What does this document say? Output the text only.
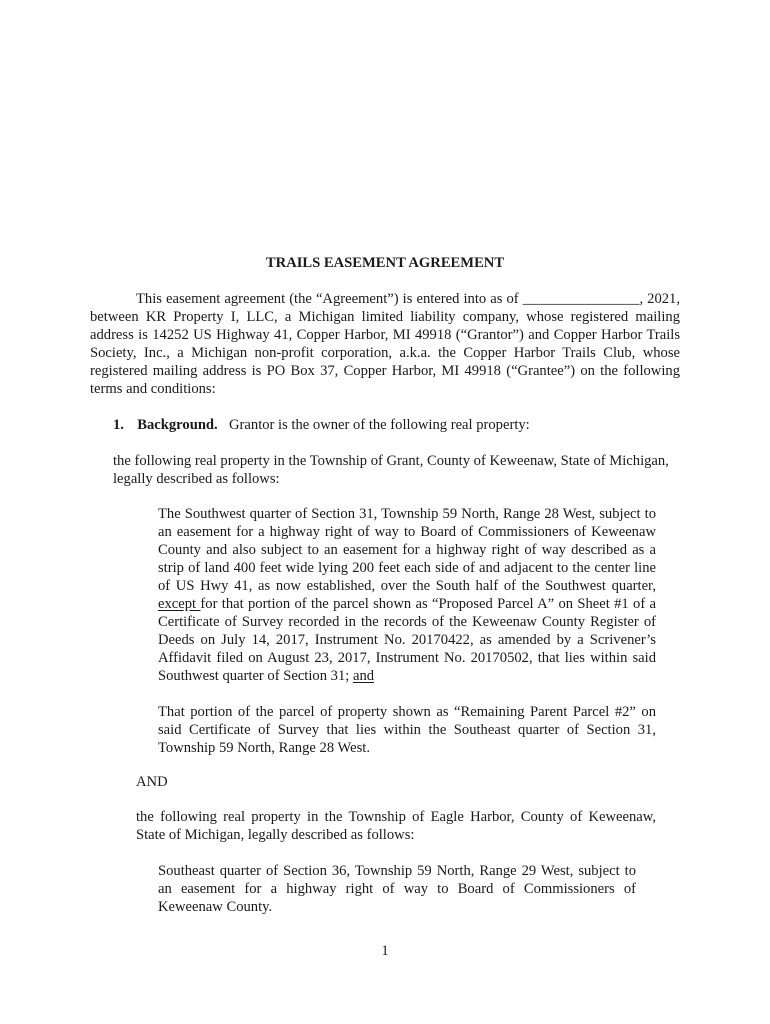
TRAILS EASEMENT AGREEMENT

This easement agreement (the “Agreement”) is entered into as of ________________, 2021, between KR Property I, LLC, a Michigan limited liability company, whose registered mailing address is 14252 US Highway 41, Copper Harbor, MI 49918 (“Grantor”) and Copper Harbor Trails Society, Inc., a Michigan non-profit corporation, a.k.a. the Copper Harbor Trails Club, whose registered mailing address is PO Box 37, Copper Harbor, MI 49918 (“Grantee”) on the following terms and conditions:

1. Background. Grantor is the owner of the following real property:

the following real property in the Township of Grant, County of Keweenaw, State of Michigan, legally described as follows:

The Southwest quarter of Section 31, Township 59 North, Range 28 West, subject to an easement for a highway right of way to Board of Commissioners of Keweenaw County and also subject to an easement for a highway right of way described as a strip of land 400 feet wide lying 200 feet each side of and adjacent to the center line of US Hwy 41, as now established, over the South half of the Southwest quarter, except for that portion of the parcel shown as “Proposed Parcel A” on Sheet #1 of a Certificate of Survey recorded in the records of the Keweenaw County Register of Deeds on July 14, 2017, Instrument No. 20170422, as amended by a Scrivener’s Affidavit filed on August 23, 2017, Instrument No. 20170502, that lies within said Southwest quarter of Section 31; and

That portion of the parcel of property shown as “Remaining Parent Parcel #2” on said Certificate of Survey that lies within the Southeast quarter of Section 31, Township 59 North, Range 28 West.

AND

the following real property in the Township of Eagle Harbor, County of Keweenaw, State of Michigan, legally described as follows:

Southeast quarter of Section 36, Township 59 North, Range 29 West, subject to an easement for a highway right of way to Board of Commissioners of Keweenaw County.

1
